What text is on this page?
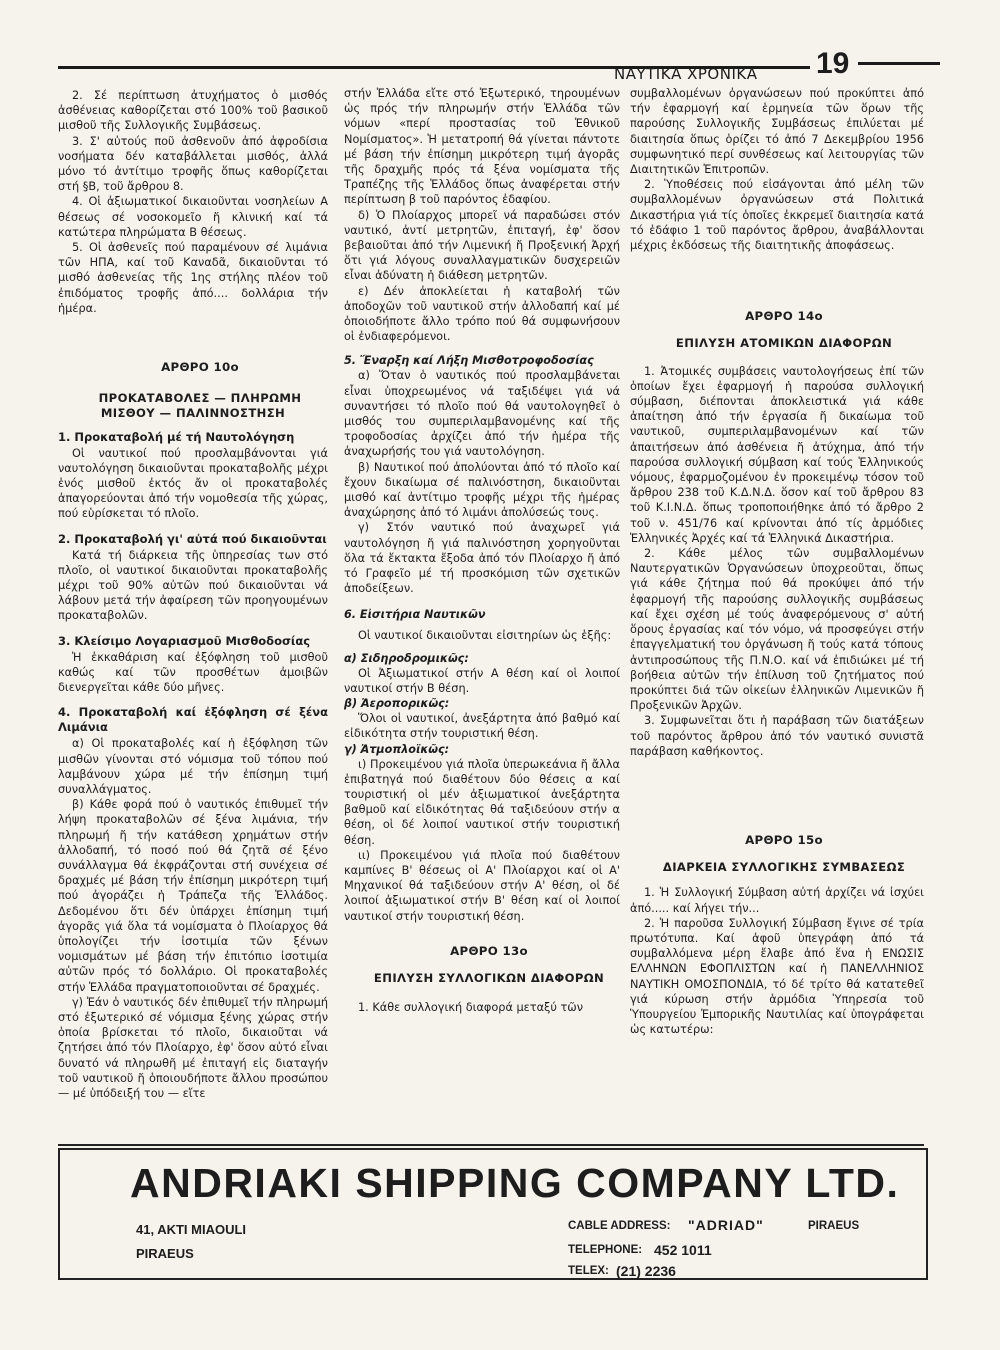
ΝΑΥΤΙΚΑ ΧΡΟΝΙΚΑ	19

2. Σέ περίπτωση ἀτυχήματος ὁ μισθός ἀσθένειας καθορίζεται στό 100% τοῦ βασικοῦ μισθοῦ τῆς Συλλογικῆς Συμβάσεως.

3. Σ' αὐτούς ποῦ ἀσθενοῦν ἀπό ἀφροδίσια νοσήματα δέν καταβάλλεται μισθός, ἀλλά μόνο τό ἀντίτιμο τροφῆς ὅπως καθορίζεται στή §Β, τοῦ ἄρθρου 8.

4. Οἱ ἀξιωματικοί δικαιοῦνται νοσηλείων Α θέσεως σέ νοσοκομεῖο ἤ κλινική καί τά κατώτερα πληρώματα Β θέσεως.

5. Οἱ ἀσθενεῖς πού παραμένουν σέ λιμάνια τῶν ΗΠΑ, καί τοῦ Καναδᾶ, δικαιοῦνται τό μισθό ἀσθενείας τῆς 1ης στήλης πλέον τοῦ ἐπιδόματος τροφῆς ἀπό.... δολλάρια τήν ἡμέρα.

ΑΡΘΡΟ 10ο

ΠΡΟΚΑΤΑΒΟΛΕΣ — ΠΛΗΡΩΜΗ ΜΙΣΘΟΥ — ΠΑΛΙΝΝΟΣΤΗΣΗ

1. Προκαταβολή μέ τή Ναυτολόγηση

Οἱ ναυτικοί πού προσλαμβάνονται γιά ναυτολόγηση δικαιοῦνται προκαταβολῆς μέχρι ἑνός μισθοῦ ἐκτός ἄν οἱ προκαταβολές ἀπαγορεύονται ἀπό τήν νομοθεσία τῆς χώρας, πού εὑρίσκεται τό πλοῖο.

2. Προκαταβολή γι' αὐτά πού δικαιοῦνται

Κατά τή διάρκεια τῆς ὑπηρεσίας των στό πλοῖο, οἱ ναυτικοί δικαιοῦνται προκαταβολῆς μέχρι τοῦ 90% αὐτῶν πού δικαιοῦνται νά λάβουν μετά τήν ἀφαίρεση τῶν προηγουμένων προκαταβολῶν.

3. Κλείσιμο Λογαριασμοῦ Μισθοδοσίας

Ἡ ἐκκαθάριση καί ἐξόφληση τοῦ μισθοῦ καθώς καί τῶν προσθέτων ἀμοιβῶν διενεργεῖται κάθε δύο μῆνες.

4. Προκαταβολή καί ἐξόφληση σέ ξένα Λιμάνια

α) Οἱ προκαταβολές καί ἡ ἐξόφληση τῶν μισθῶν γίνονται στό νόμισμα τοῦ τόπου πού λαμβάνουν χώρα μέ τήν ἐπίσημη τιμή συναλλάγματος.

β) Κάθε φορά πού ὁ ναυτικός ἐπιθυμεῖ τήν λήψη προκαταβολῶν σέ ξένα λιμάνια, τήν πληρωμή ἤ τήν κατάθεση χρημάτων στήν ἀλλοδαπή, τό ποσό πού θά ζητᾶ σέ ξένο συνάλλαγμα θά ἐκφράζονται στή συνέχεια σέ δραχμές μέ βάση τήν ἐπίσημη μικρότερη τιμή πού ἀγοράζει ἡ Τράπεζα τῆς Ἑλλάδος. Δεδομένου ὅτι δέν ὑπάρχει ἐπίσημη τιμή ἀγορᾶς γιά ὅλα τά νομίσματα ὁ Πλοίαρχος θά ὑπολογίζει τήν ἰσοτιμία τῶν ξένων νομισμάτων μέ βάση τήν ἐπιτόπιο ἰσοτιμία αὐτῶν πρός τό δολλάριο. Οἱ προκαταβολές στήν Ἑλλάδα πραγματοποιοῦνται σέ δραχμές.

γ) Ἐάν ὁ ναυτικός δέν ἐπιθυμεῖ τήν πληρωμή στό ἐξωτερικό σέ νόμισμα ξένης χώρας στήν ὁποία βρίσκεται τό πλοῖο, δικαιοῦται νά ζητήσει ἀπό τόν Πλοίαρχο, ἐφ' ὅσον αὐτό εἶναι δυνατό νά πληρωθῆ μέ ἐπιταγή εἰς διαταγήν τοῦ ναυτικοῦ ἤ ὁποιουδήποτε ἄλλου προσώπου — μέ ὑπόδειξή του — εἴτε

στήν Ἑλλάδα εἴτε στό Ἐξωτερικό, τηρουμένων ὡς πρός τήν πληρωμήν στήν Ἑλλάδα τῶν νόμων «περί προστασίας τοῦ Ἐθνικοῦ Νομίσματος». Ἡ μετατροπή θά γίνεται πάντοτε μέ βάση τήν ἐπίσημη μικρότερη τιμή ἀγορᾶς τῆς δραχμῆς πρός τά ξένα νομίσματα τῆς Τραπέζης τῆς Ἑλλάδος ὅπως ἀναφέρεται στήν περίπτωση β τοῦ παρόντος ἐδαφίου.

δ) Ὁ Πλοίαρχος μπορεῖ νά παραδώσει στόν ναυτικό, ἀντί μετρητῶν, ἐπιταγή, ἐφ' ὅσον βεβαιοῦται ἀπό τήν Λιμενική ἤ Προξενική Ἀρχή ὅτι γιά λόγους συναλλαγματικῶν δυσχερειῶν εἶναι ἀδύνατη ἡ διάθεση μετρητῶν.

ε) Δέν ἀποκλείεται ἡ καταβολή τῶν ἀποδοχῶν τοῦ ναυτικοῦ στήν ἀλλοδαπή καί μέ ὁποιοδήποτε ἄλλο τρόπο πού θά συμφωνήσουν οἱ ἐνδιαφερόμενοι.

5. Ἔναρξη καί Λήξη Μισθοτροφοδοσίας

α) Ὅταν ὁ ναυτικός πού προσλαμβάνεται εἶναι ὑποχρεωμένος νά ταξιδέψει γιά νά συναντήσει τό πλοῖο πού θά ναυτολογηθεῖ ὁ μισθός του συμπεριλαμβανομένης καί τῆς τροφοδοσίας ἀρχίζει ἀπό τήν ἡμέρα τῆς ἀναχωρήσής του γιά ναυτολόγηση.

β) Ναυτικοί πού ἀπολύονται ἀπό τό πλοῖο καί ἔχουν δικαίωμα σέ παλινόστηση, δικαιοῦνται μισθό καί ἀντίτιμο τροφῆς μέχρι τῆς ἡμέρας ἀναχώρησης ἀπό τό λιμάνι ἀπολύσεώς τους.

γ) Στόν ναυτικό πού ἀναχωρεῖ γιά ναυτολόγηση ἤ γιά παλινόστηση χορηγοῦνται ὅλα τά ἔκτακτα ἔξοδα ἀπό τόν Πλοίαρχο ἤ ἀπό τό Γραφεῖο μέ τή προσκόμιση τῶν σχετικῶν ἀποδείξεων.

6. Εἰσιτήρια Ναυτικῶν

Οἱ ναυτικοί δικαιοῦνται εἰσιτηρίων ὡς ἑξῆς:

α) Σιδηροδρομικῶς:

Οἱ Ἀξιωματικοί στήν Α θέση καί οἱ λοιποί ναυτικοί στήν Β θέση.

β) Ἀεροπορικῶς:

Ὅλοι οἱ ναυτικοί, ἀνεξάρτητα ἀπό βαθμό καί εἰδικότητα στήν τουριστική θέση.

γ) Ἀτμοπλοϊκῶς:

ι) Προκειμένου γιά πλοῖα ὑπερωκεάνια ἤ ἄλλα ἐπιβατηγά πού διαθέτουν δύο θέσεις α καί τουριστική οἱ μέν ἀξιωματικοί ἀνεξάρτητα βαθμοῦ καί εἰδικότητας θά ταξιδεύουν στήν α θέση, οἱ δέ λοιποί ναυτικοί στήν τουριστική θέση.

ιι) Προκειμένου γιά πλοῖα πού διαθέτουν καμπίνες Β' θέσεως οἱ Α' Πλοίαρχοι καί οἱ Α' Μηχανικοί θά ταξιδεύουν στήν Α' θέση, οἱ δέ λοιποί ἀξιωματικοί στήν Β' θέση καί οἱ λοιποί ναυτικοί στήν τουριστική θέση.

ΑΡΘΡΟ 13ο

ΕΠΙΛΥΣΗ ΣΥΛΛΟΓΙΚΩΝ ΔΙΑΦΟΡΩΝ

1. Κάθε συλλογική διαφορά μεταξύ τῶν

συμβαλλομένων ὀργανώσεων πού προκύπτει ἀπό τήν ἐφαρμογή καί ἑρμηνεία τῶν ὅρων τῆς παρούσης Συλλογικῆς Συμβάσεως ἐπιλύεται μέ διαιτησία ὅπως ὁρίζει τό ἀπό 7 Δεκεμβρίου 1956 συμφωνητικό περί συνθέσεως καί λειτουργίας τῶν Διαιτητικῶν Ἐπιτροπῶν.

2. Ὑποθέσεις πού εἰσάγονται ἀπό μέλη τῶν συμβαλλομένων ὀργανώσεων στά Πολιτικά Δικαστήρια γιά τίς ὁποῖες ἐκκρεμεῖ διαιτησία κατά τό ἐδάφιο 1 τοῦ παρόντος ἄρθρου, ἀναβάλλονται μέχρις ἐκδόσεως τῆς διαιτητικῆς ἀποφάσεως.

ΑΡΘΡΟ 14ο

ΕΠΙΛΥΣΗ ΑΤΟΜΙΚΩΝ ΔΙΑΦΟΡΩΝ

1. Ἀτομικές συμβάσεις ναυτολογήσεως ἐπί τῶν ὁποίων ἔχει ἐφαρμογή ἡ παρούσα συλλογική σύμβαση, διέπονται ἀποκλειστικά γιά κάθε ἀπαίτηση ἀπό τήν ἐργασία ἤ δικαίωμα τοῦ ναυτικοῦ, συμπεριλαμβανομένων καί τῶν ἀπαιτήσεων ἀπό ἀσθένεια ἤ ἀτύχημα, ἀπό τήν παρούσα συλλογική σύμβαση καί τούς Ἑλληνικούς νόμους, ἐφαρμοζομένου ἐν προκειμένῳ τόσον τοῦ ἄρθρου 238 τοῦ Κ.Δ.Ν.Δ. ὅσον καί τοῦ ἄρθρου 83 τοῦ Κ.Ι.Ν.Δ. ὅπως τροποποιήθηκε ἀπό τό ἄρθρο 2 τοῦ ν. 451/76 καί κρίνονται ἀπό τίς ἁρμόδιες Ἑλληνικές Ἀρχές καί τά Ἑλληνικά Δικαστήρια.

2. Κάθε μέλος τῶν συμβαλλομένων Ναυτεργατικῶν Ὀργανώσεων ὑποχρεοῦται, ὅπως γιά κάθε ζήτημα πού θά προκύψει ἀπό τήν ἐφαρμογή τῆς παρούσης συλλογικῆς συμβάσεως καί ἔχει σχέση μέ τούς ἀναφερόμενους σ' αὐτή ὅρους ἐργασίας καί τόν νόμο, νά προσφεύγει στήν ἐπαγγελματική του ὀργάνωση ἤ τούς κατά τόπους ἀντιπροσώπους τῆς Π.Ν.Ο. καί νά ἐπιδιώκει μέ τή βοήθεια αὐτῶν τήν ἐπίλυση τοῦ ζητήματος πού προκύπτει διά τῶν οἰκείων ἑλληνικῶν Λιμενικῶν ἤ Προξενικῶν Ἀρχῶν.

3. Συμφωνεῖται ὅτι ἡ παράβαση τῶν διατάξεων τοῦ παρόντος ἄρθρου ἀπό τόν ναυτικό συνιστᾶ παράβαση καθήκοντος.

ΑΡΘΡΟ 15ο

ΔΙΑΡΚΕΙΑ ΣΥΛΛΟΓΙΚΗΣ ΣΥΜΒΑΣΕΩΣ

1. Ἡ Συλλογική Σύμβαση αὐτή ἀρχίζει νά ἰσχύει ἀπό..... καί λήγει τήν...

2. Ἡ παροῦσα Συλλογική Σύμβαση ἔγινε σέ τρία πρωτότυπα. Καί ἀφοῦ ὑπεγράφη ἀπό τά συμβαλλόμενα μέρη ἔλαβε ἀπό ἕνα ἡ ΕΝΩΣΙΣ ΕΛΛΗΝΩΝ ΕΦΟΠΛΙΣΤΩΝ καί ἡ ΠΑΝΕΛΛΗΝΙΟΣ ΝΑΥΤΙΚΗ ΟΜΟΣΠΟΝΔΙΑ, τό δέ τρίτο θά κατατεθεῖ γιά κύρωση στήν ἁρμόδια Ὑπηρεσία τοῦ Ὑπουργείου Ἐμπορικῆς Ναυτιλίας καί ὑπογράφεται ὡς κατωτέρω:

ANDRIAKI SHIPPING COMPANY LTD.
41, AKTI MIAOULI
PIRAEUS
CABLE ADDRESS: "ADRIAD"	PIRAEUS
TELEPHONE: 452 1011
TELEX: (21) 2236
